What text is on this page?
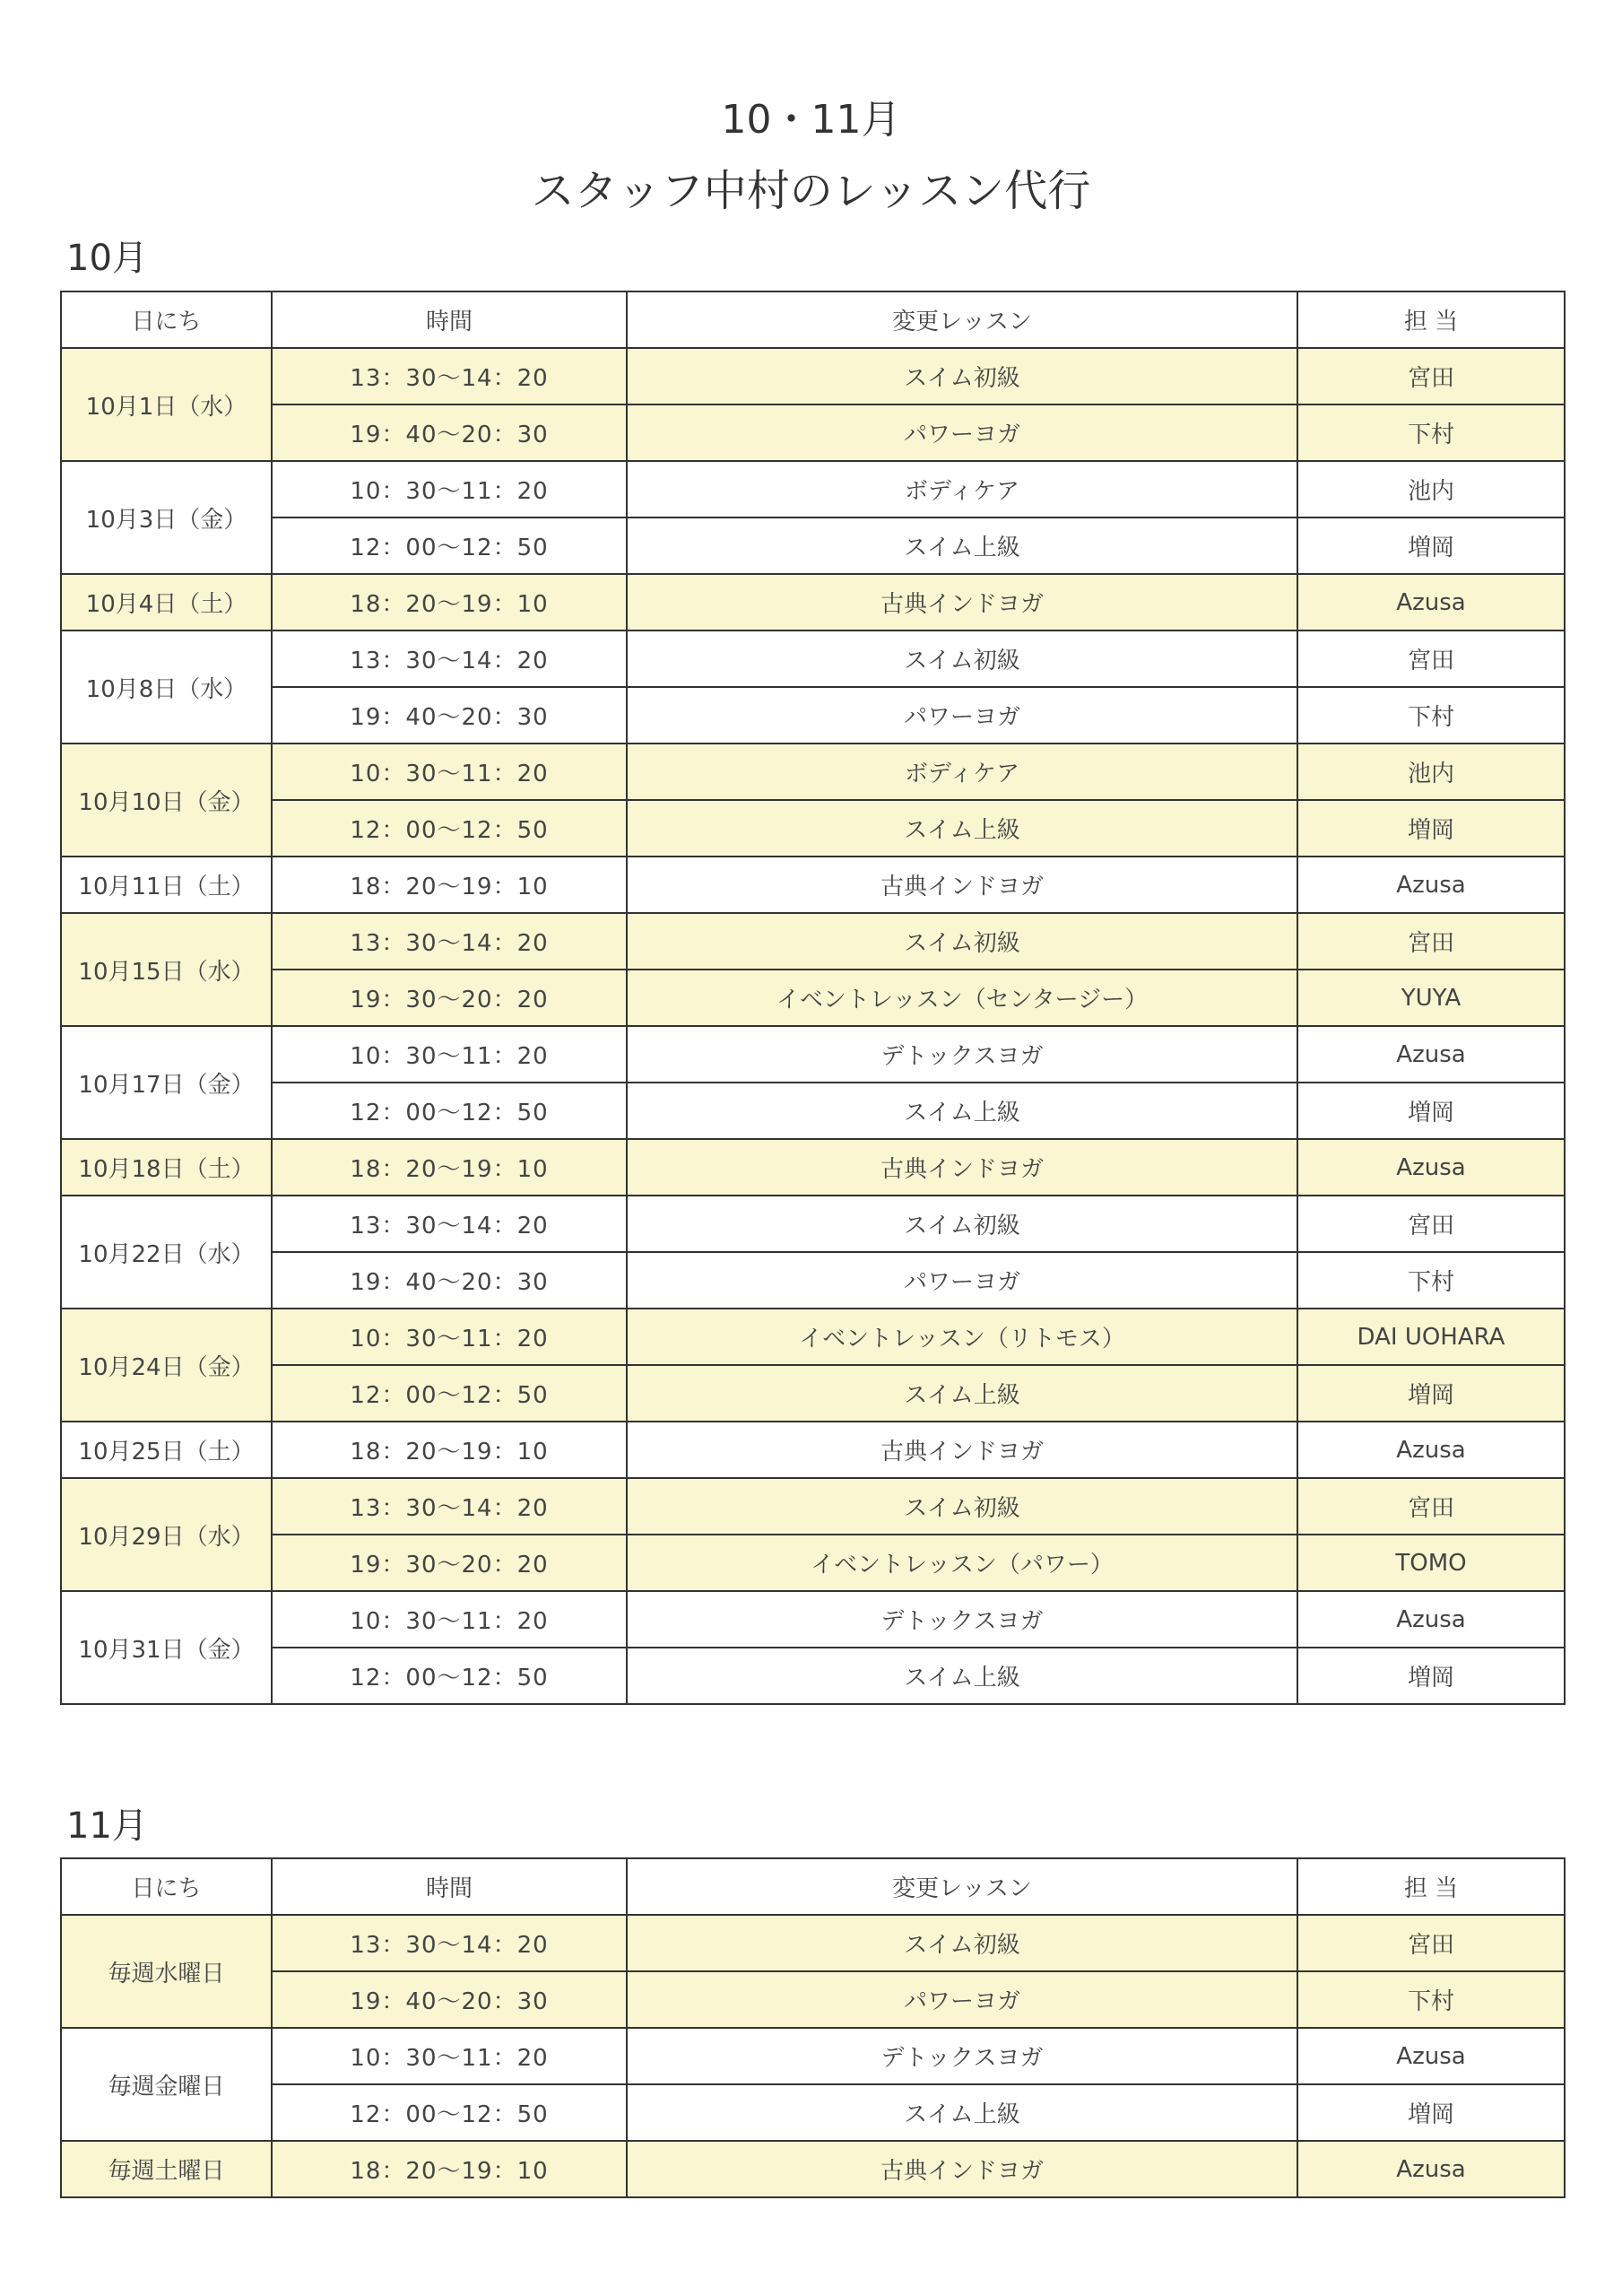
10・11月
スタッフ中村のレッスン代行
10月
日にち	時間	変更レッスン	担 当
10月1日（水）	13：30〜14：20	スイム初級	宮田
	19：40〜20：30	パワーヨガ	下村
10月3日（金）	10：30〜11：20	ボディケア	池内
	12：00〜12：50	スイム上級	増岡
10月4日（土）	18：20〜19：10	古典インドヨガ	Azusa
10月8日（水）	13：30〜14：20	スイム初級	宮田
	19：40〜20：30	パワーヨガ	下村
10月10日（金）	10：30〜11：20	ボディケア	池内
	12：00〜12：50	スイム上級	増岡
10月11日（土）	18：20〜19：10	古典インドヨガ	Azusa
10月15日（水）	13：30〜14：20	スイム初級	宮田
	19：30〜20：20	イベントレッスン（センタージー）	YUYA
10月17日（金）	10：30〜11：20	デトックスヨガ	Azusa
	12：00〜12：50	スイム上級	増岡
10月18日（土）	18：20〜19：10	古典インドヨガ	Azusa
10月22日（水）	13：30〜14：20	スイム初級	宮田
	19：40〜20：30	パワーヨガ	下村
10月24日（金）	10：30〜11：20	イベントレッスン（リトモス）	DAI UOHARA
	12：00〜12：50	スイム上級	増岡
10月25日（土）	18：20〜19：10	古典インドヨガ	Azusa
10月29日（水）	13：30〜14：20	スイム初級	宮田
	19：30〜20：20	イベントレッスン（パワー）	TOMO
10月31日（金）	10：30〜11：20	デトックスヨガ	Azusa
	12：00〜12：50	スイム上級	増岡
11月
日にち	時間	変更レッスン	担 当
毎週水曜日	13：30〜14：20	スイム初級	宮田
	19：40〜20：30	パワーヨガ	下村
毎週金曜日	10：30〜11：20	デトックスヨガ	Azusa
	12：00〜12：50	スイム上級	増岡
毎週土曜日	18：20〜19：10	古典インドヨガ	Azusa
